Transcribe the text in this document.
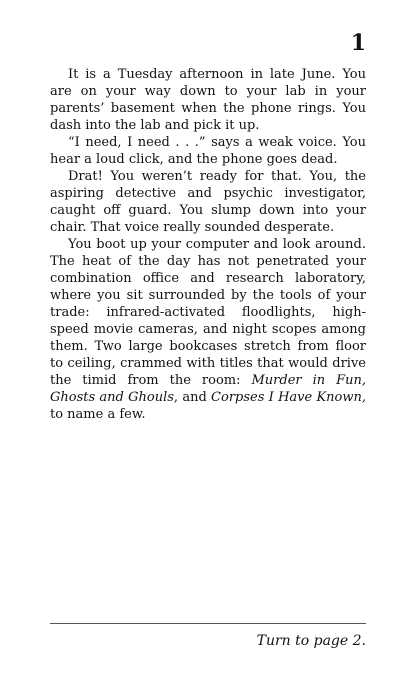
1

It is a Tuesday afternoon in late June. You are on your way down to your lab in your parents’ basement when the phone rings. You dash into the lab and pick it up.

“I need, I need . . .” says a weak voice. You hear a loud click, and the phone goes dead.

Drat! You weren’t ready for that. You, the aspiring detective and psychic investigator, caught off guard. You slump down into your chair. That voice really sounded desperate.

You boot up your computer and look around. The heat of the day has not penetrated your combination office and research laboratory, where you sit surrounded by the tools of your trade: infrared-activated floodlights, high-speed movie cameras, and night scopes among them. Two large bookcases stretch from floor to ceiling, crammed with titles that would drive the timid from the room: Murder in Fun, Ghosts and Ghouls, and Corpses I Have Known, to name a few.

Turn to page 2.
